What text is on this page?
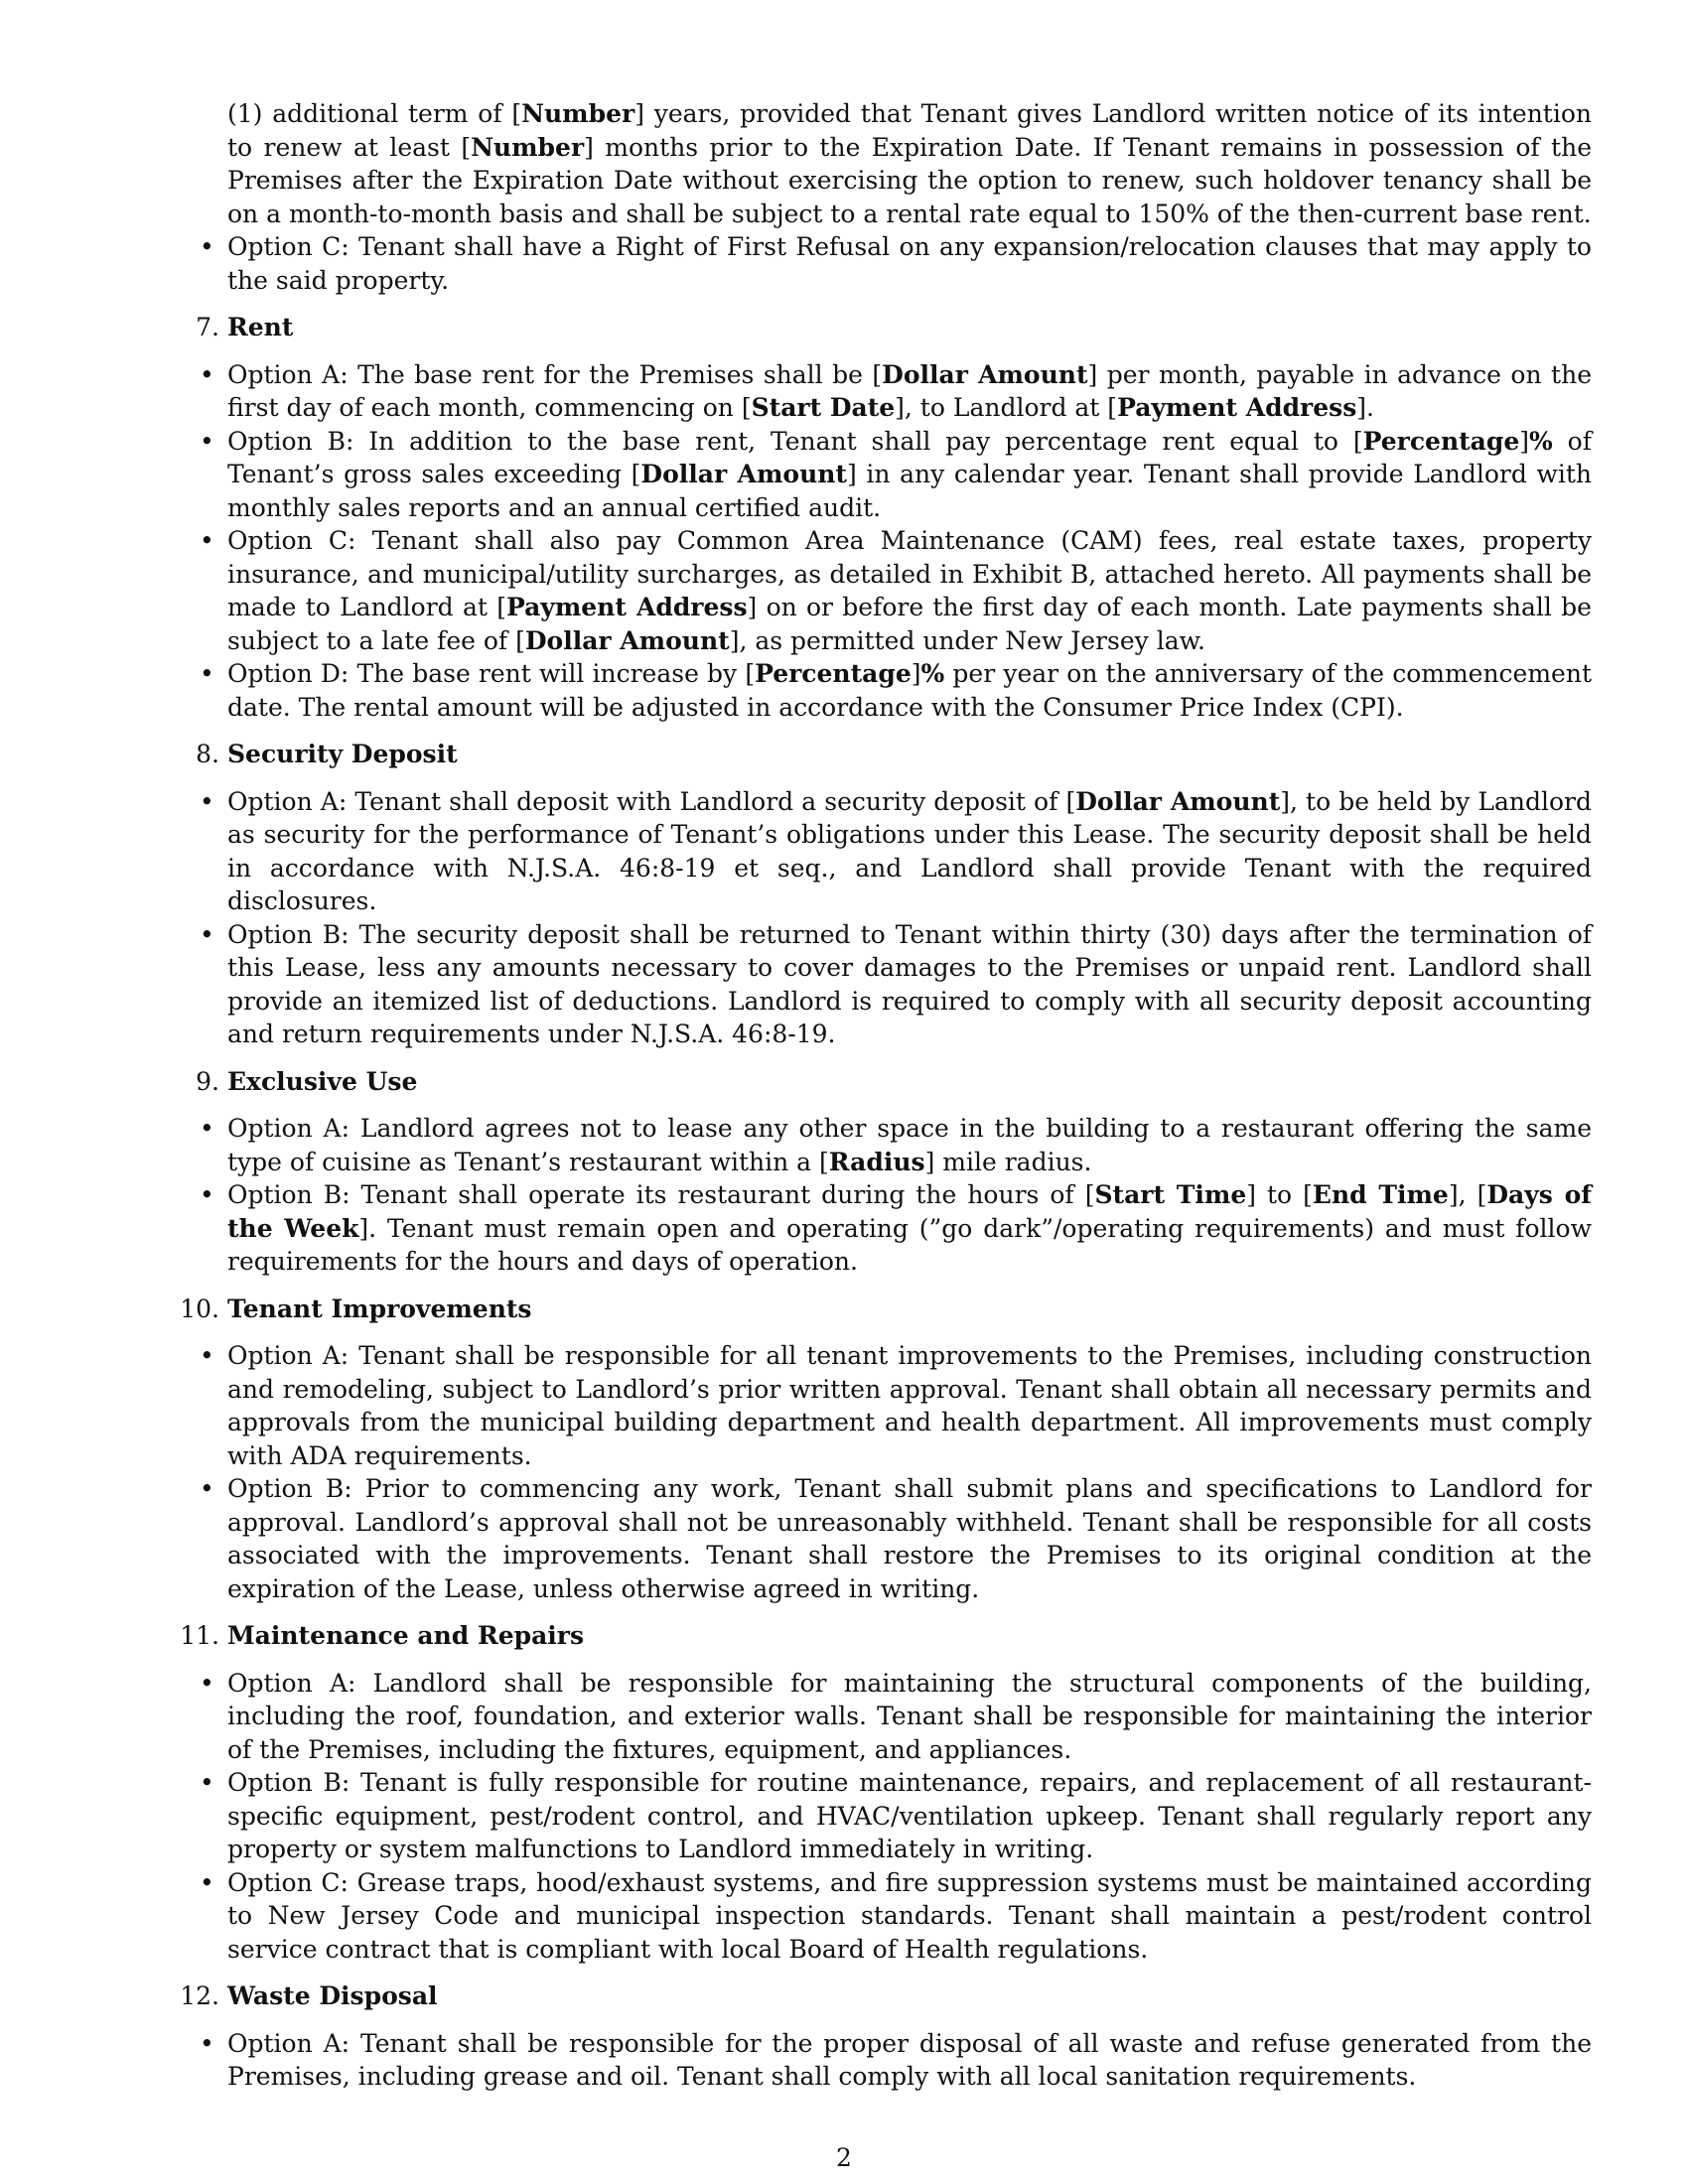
(1) additional term of [Number] years, provided that Tenant gives Landlord written notice of its intention to renew at least [Number] months prior to the Expiration Date. If Tenant remains in possession of the Premises after the Expiration Date without exercising the option to renew, such holdover tenancy shall be on a month-to-month basis and shall be subject to a rental rate equal to 150% of the then-current base rent.

• Option C: Tenant shall have a Right of First Refusal on any expansion/relocation clauses that may apply to the said property.
7. Rent
• Option A: The base rent for the Premises shall be [Dollar Amount] per month, payable in advance on the first day of each month, commencing on [Start Date], to Landlord at [Payment Address].
• Option B: In addition to the base rent, Tenant shall pay percentage rent equal to [Percentage]% of Tenant’s gross sales exceeding [Dollar Amount] in any calendar year. Tenant shall provide Landlord with monthly sales reports and an annual certified audit.
• Option C: Tenant shall also pay Common Area Maintenance (CAM) fees, real estate taxes, property insurance, and municipal/utility surcharges, as detailed in Exhibit B, attached hereto. All payments shall be made to Landlord at [Payment Address] on or before the first day of each month. Late payments shall be subject to a late fee of [Dollar Amount], as permitted under New Jersey law.
• Option D: The base rent will increase by [Percentage]% per year on the anniversary of the commencement date. The rental amount will be adjusted in accordance with the Consumer Price Index (CPI).
8. Security Deposit
• Option A: Tenant shall deposit with Landlord a security deposit of [Dollar Amount], to be held by Landlord as security for the performance of Tenant’s obligations under this Lease. The security deposit shall be held in accordance with N.J.S.A. 46:8-19 et seq., and Landlord shall provide Tenant with the required disclosures.
• Option B: The security deposit shall be returned to Tenant within thirty (30) days after the termination of this Lease, less any amounts necessary to cover damages to the Premises or unpaid rent. Landlord shall provide an itemized list of deductions. Landlord is required to comply with all security deposit accounting and return requirements under N.J.S.A. 46:8-19.
9. Exclusive Use
• Option A: Landlord agrees not to lease any other space in the building to a restaurant offering the same type of cuisine as Tenant’s restaurant within a [Radius] mile radius.
• Option B: Tenant shall operate its restaurant during the hours of [Start Time] to [End Time], [Days of the Week]. Tenant must remain open and operating (”go dark”/operating requirements) and must follow requirements for the hours and days of operation.
10. Tenant Improvements
• Option A: Tenant shall be responsible for all tenant improvements to the Premises, including construction and remodeling, subject to Landlord’s prior written approval. Tenant shall obtain all necessary permits and approvals from the municipal building department and health department. All improvements must comply with ADA requirements.
• Option B: Prior to commencing any work, Tenant shall submit plans and specifications to Landlord for approval. Landlord’s approval shall not be unreasonably withheld. Tenant shall be responsible for all costs associated with the improvements. Tenant shall restore the Premises to its original condition at the expiration of the Lease, unless otherwise agreed in writing.
11. Maintenance and Repairs
• Option A: Landlord shall be responsible for maintaining the structural components of the building, including the roof, foundation, and exterior walls. Tenant shall be responsible for maintaining the interior of the Premises, including the fixtures, equipment, and appliances.
• Option B: Tenant is fully responsible for routine maintenance, repairs, and replacement of all restaurant-specific equipment, pest/rodent control, and HVAC/ventilation upkeep. Tenant shall regularly report any property or system malfunctions to Landlord immediately in writing.
• Option C: Grease traps, hood/exhaust systems, and fire suppression systems must be maintained according to New Jersey Code and municipal inspection standards. Tenant shall maintain a pest/rodent control service contract that is compliant with local Board of Health regulations.
12. Waste Disposal
• Option A: Tenant shall be responsible for the proper disposal of all waste and refuse generated from the Premises, including grease and oil. Tenant shall comply with all local sanitation requirements.
2
